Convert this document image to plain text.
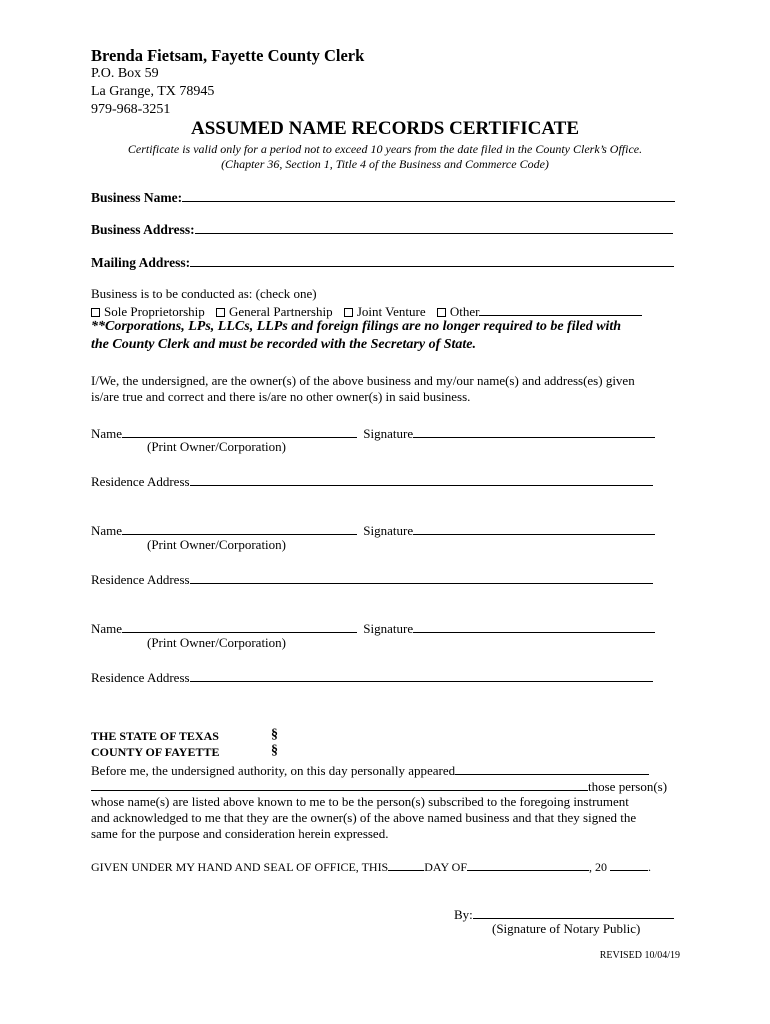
Brenda Fietsam, Fayette County Clerk
P.O. Box 59
La Grange, TX 78945
979-968-3251
ASSUMED NAME RECORDS CERTIFICATE
Certificate is valid only for a period not to exceed 10 years from the date filed in the County Clerk’s Office.
(Chapter 36, Section 1, Title 4 of the Business and Commerce Code)
Business Name:
Business Address:
Mailing Address:
Business is to be conducted as: (check one)
Sole Proprietorship General Partnership Joint Venture Other
**Corporations, LPs, LLCs, LLPs and foreign filings are no longer required to be filed with
the County Clerk and must be recorded with the Secretary of State.
I/We, the undersigned, are the owner(s) of the above business and my/our name(s) and address(es) given
is/are true and correct and there is/are no other owner(s) in said business.
Name	Signature
(Print Owner/Corporation)
Residence Address
Name	Signature
(Print Owner/Corporation)
Residence Address
Name	Signature
(Print Owner/Corporation)
Residence Address
THE STATE OF TEXAS	§
COUNTY OF FAYETTE	§
Before me, the undersigned authority, on this day personally appeared
those person(s)
whose name(s) are listed above known to me to be the person(s) subscribed to the foregoing instrument
and acknowledged to me that they are the owner(s) of the above named business and that they signed the
same for the purpose and consideration herein expressed.
GIVEN UNDER MY HAND AND SEAL OF OFFICE, THIS	DAY OF	, 20	.
By:
(Signature of Notary Public)
REVISED 10/04/19
